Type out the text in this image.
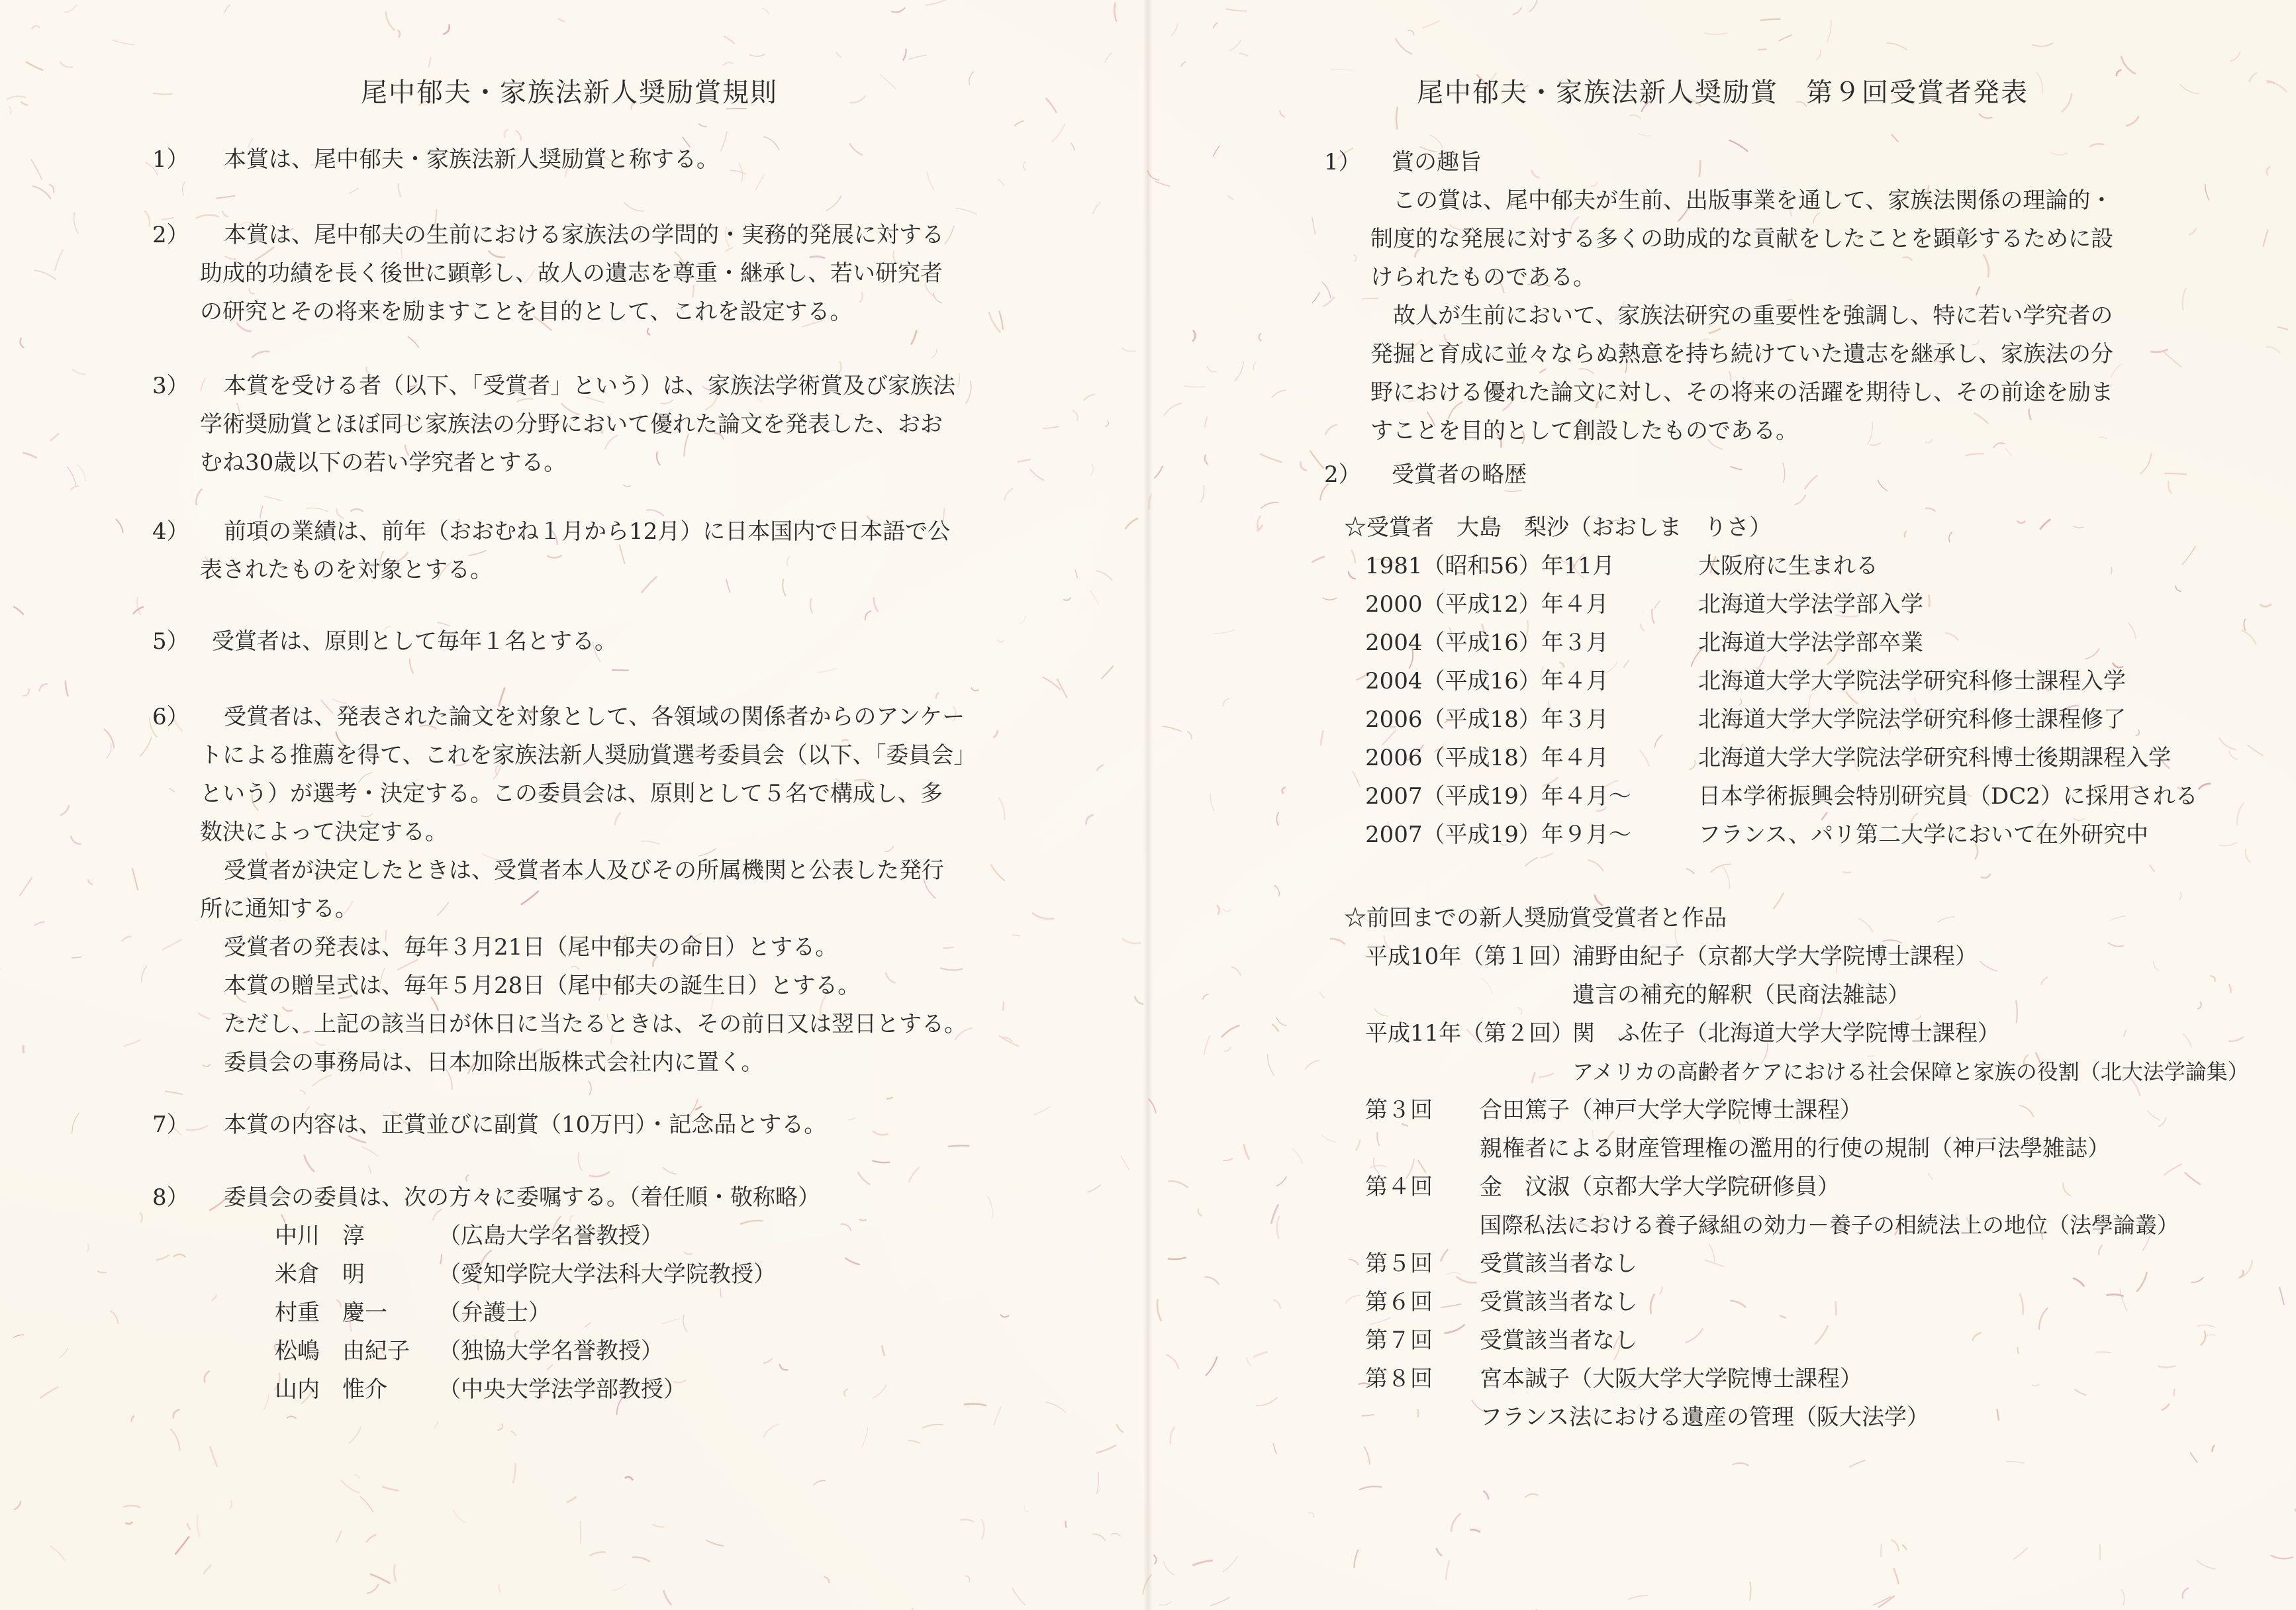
尾中郁夫・家族法新人奨励賞規則
1） 本賞は、尾中郁夫・家族法新人奨励賞と称する。
2） 本賞は、尾中郁夫の生前における家族法の学問的・実務的発展に対する
助成的功績を長く後世に顕彰し、故人の遺志を尊重・継承し、若い研究者
の研究とその将来を励ますことを目的として、これを設定する。
3） 本賞を受ける者（以下、「受賞者」という）は、家族法学術賞及び家族法
学術奨励賞とほぼ同じ家族法の分野において優れた論文を発表した、おお
むね30歳以下の若い学究者とする。
4） 前項の業績は、前年（おおむね１月から12月）に日本国内で日本語で公
表されたものを対象とする。
5） 受賞者は、原則として毎年１名とする。
6） 受賞者は、発表された論文を対象として、各領域の関係者からのアンケー
トによる推薦を得て、これを家族法新人奨励賞選考委員会（以下、「委員会」
という）が選考・決定する。この委員会は、原則として５名で構成し、多
数決によって決定する。
受賞者が決定したときは、受賞者本人及びその所属機関と公表した発行
所に通知する。
受賞者の発表は、毎年３月21日（尾中郁夫の命日）とする。
本賞の贈呈式は、毎年５月28日（尾中郁夫の誕生日）とする。
ただし、上記の該当日が休日に当たるときは、その前日又は翌日とする。
委員会の事務局は、日本加除出版株式会社内に置く。
7） 本賞の内容は、正賞並びに副賞（10万円）・記念品とする。
8） 委員会の委員は、次の方々に委嘱する。（着任順・敬称略）
中川　淳	（広島大学名誉教授）
米倉　明	（愛知学院大学法科大学院教授）
村重　慶一 （弁護士）
松嶋　由紀子 （独協大学名誉教授）
山内　惟介 （中央大学法学部教授）
尾中郁夫・家族法新人奨励賞　第９回受賞者発表
1） 賞の趣旨
この賞は、尾中郁夫が生前、出版事業を通して、家族法関係の理論的・
制度的な発展に対する多くの助成的な貢献をしたことを顕彰するために設
けられたものである。
故人が生前において、家族法研究の重要性を強調し、特に若い学究者の
発掘と育成に並々ならぬ熱意を持ち続けていた遺志を継承し、家族法の分
野における優れた論文に対し、その将来の活躍を期待し、その前途を励ま
すことを目的として創設したものである。
2） 受賞者の略歴
☆受賞者　大島　梨沙（おおしま　りさ）
1981（昭和56）年11月	大阪府に生まれる
2000（平成12）年４月	北海道大学法学部入学
2004（平成16）年３月	北海道大学法学部卒業
2004（平成16）年４月	北海道大学大学院法学研究科修士課程入学
2006（平成18）年３月	北海道大学大学院法学研究科修士課程修了
2006（平成18）年４月	北海道大学大学院法学研究科博士後期課程入学
2007（平成19）年４月～	日本学術振興会特別研究員（DC2）に採用される
2007（平成19）年９月～	フランス、パリ第二大学において在外研究中
☆前回までの新人奨励賞受賞者と作品
平成10年（第１回）
浦野由紀子（京都大学大学院博士課程）
遺言の補充的解釈（民商法雑誌）
平成11年（第２回）
関　ふ佐子（北海道大学大学院博士課程）
アメリカの高齢者ケアにおける社会保障と家族の役割（北大法学論集）
第３回 合田篤子（神戸大学大学院博士課程）
親権者による財産管理権の濫用的行使の規制（神戸法學雑誌）
第４回 金　汶淑（京都大学大学院研修員）
国際私法における養子縁組の効力－養子の相続法上の地位（法學論叢）
第５回 受賞該当者なし
第６回 受賞該当者なし
第７回 受賞該当者なし
第８回 宮本誠子（大阪大学大学院博士課程）
フランス法における遺産の管理（阪大法学）
